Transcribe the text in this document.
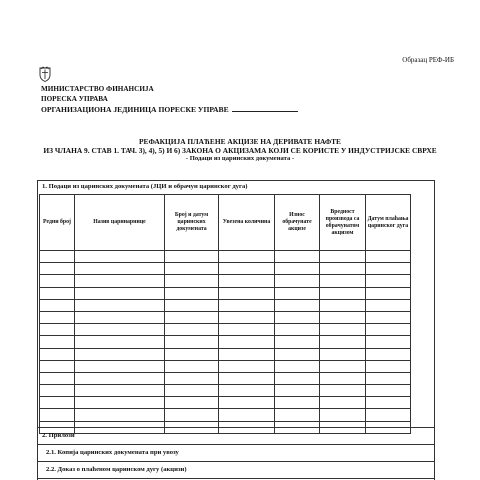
Образац РЕФ-ИБ
МИНИСТАРСТВО ФИНАНСИЈА
ПОРЕСКА УПРАВА
ОРГАНИЗАЦИОНА ЈЕДИНИЦА ПОРЕСКЕ УПРАВЕ
РЕФАКЦИЈА ПЛАЋЕНЕ АКЦИЗЕ НА ДЕРИВАТЕ НАФТЕ
ИЗ ЧЛАНА 9. СТАВ 1. ТАЧ. 3), 4), 5) И 6) ЗАКОНА О АКЦИЗАМА КОЈИ СЕ КОРИСТЕ У ИНДУСТРИЈСКЕ СВРХЕ
- Подаци из царинских докумената -
1. Подаци из царинских докумената (ЈЦИ и обрачун царинског дуга)
Редни број	Назив царинарнице	Број и датум царинских докумената	Увезена количина	Износ обрачунате акцизе	Вредност производа са обрачунатом акцизом	Датум плаћања царинског дуга

2. Прилози
2.1. Копија царинских докумената при увозу
2.2. Доказ о плаћеном царинском дугу (акцизи)
